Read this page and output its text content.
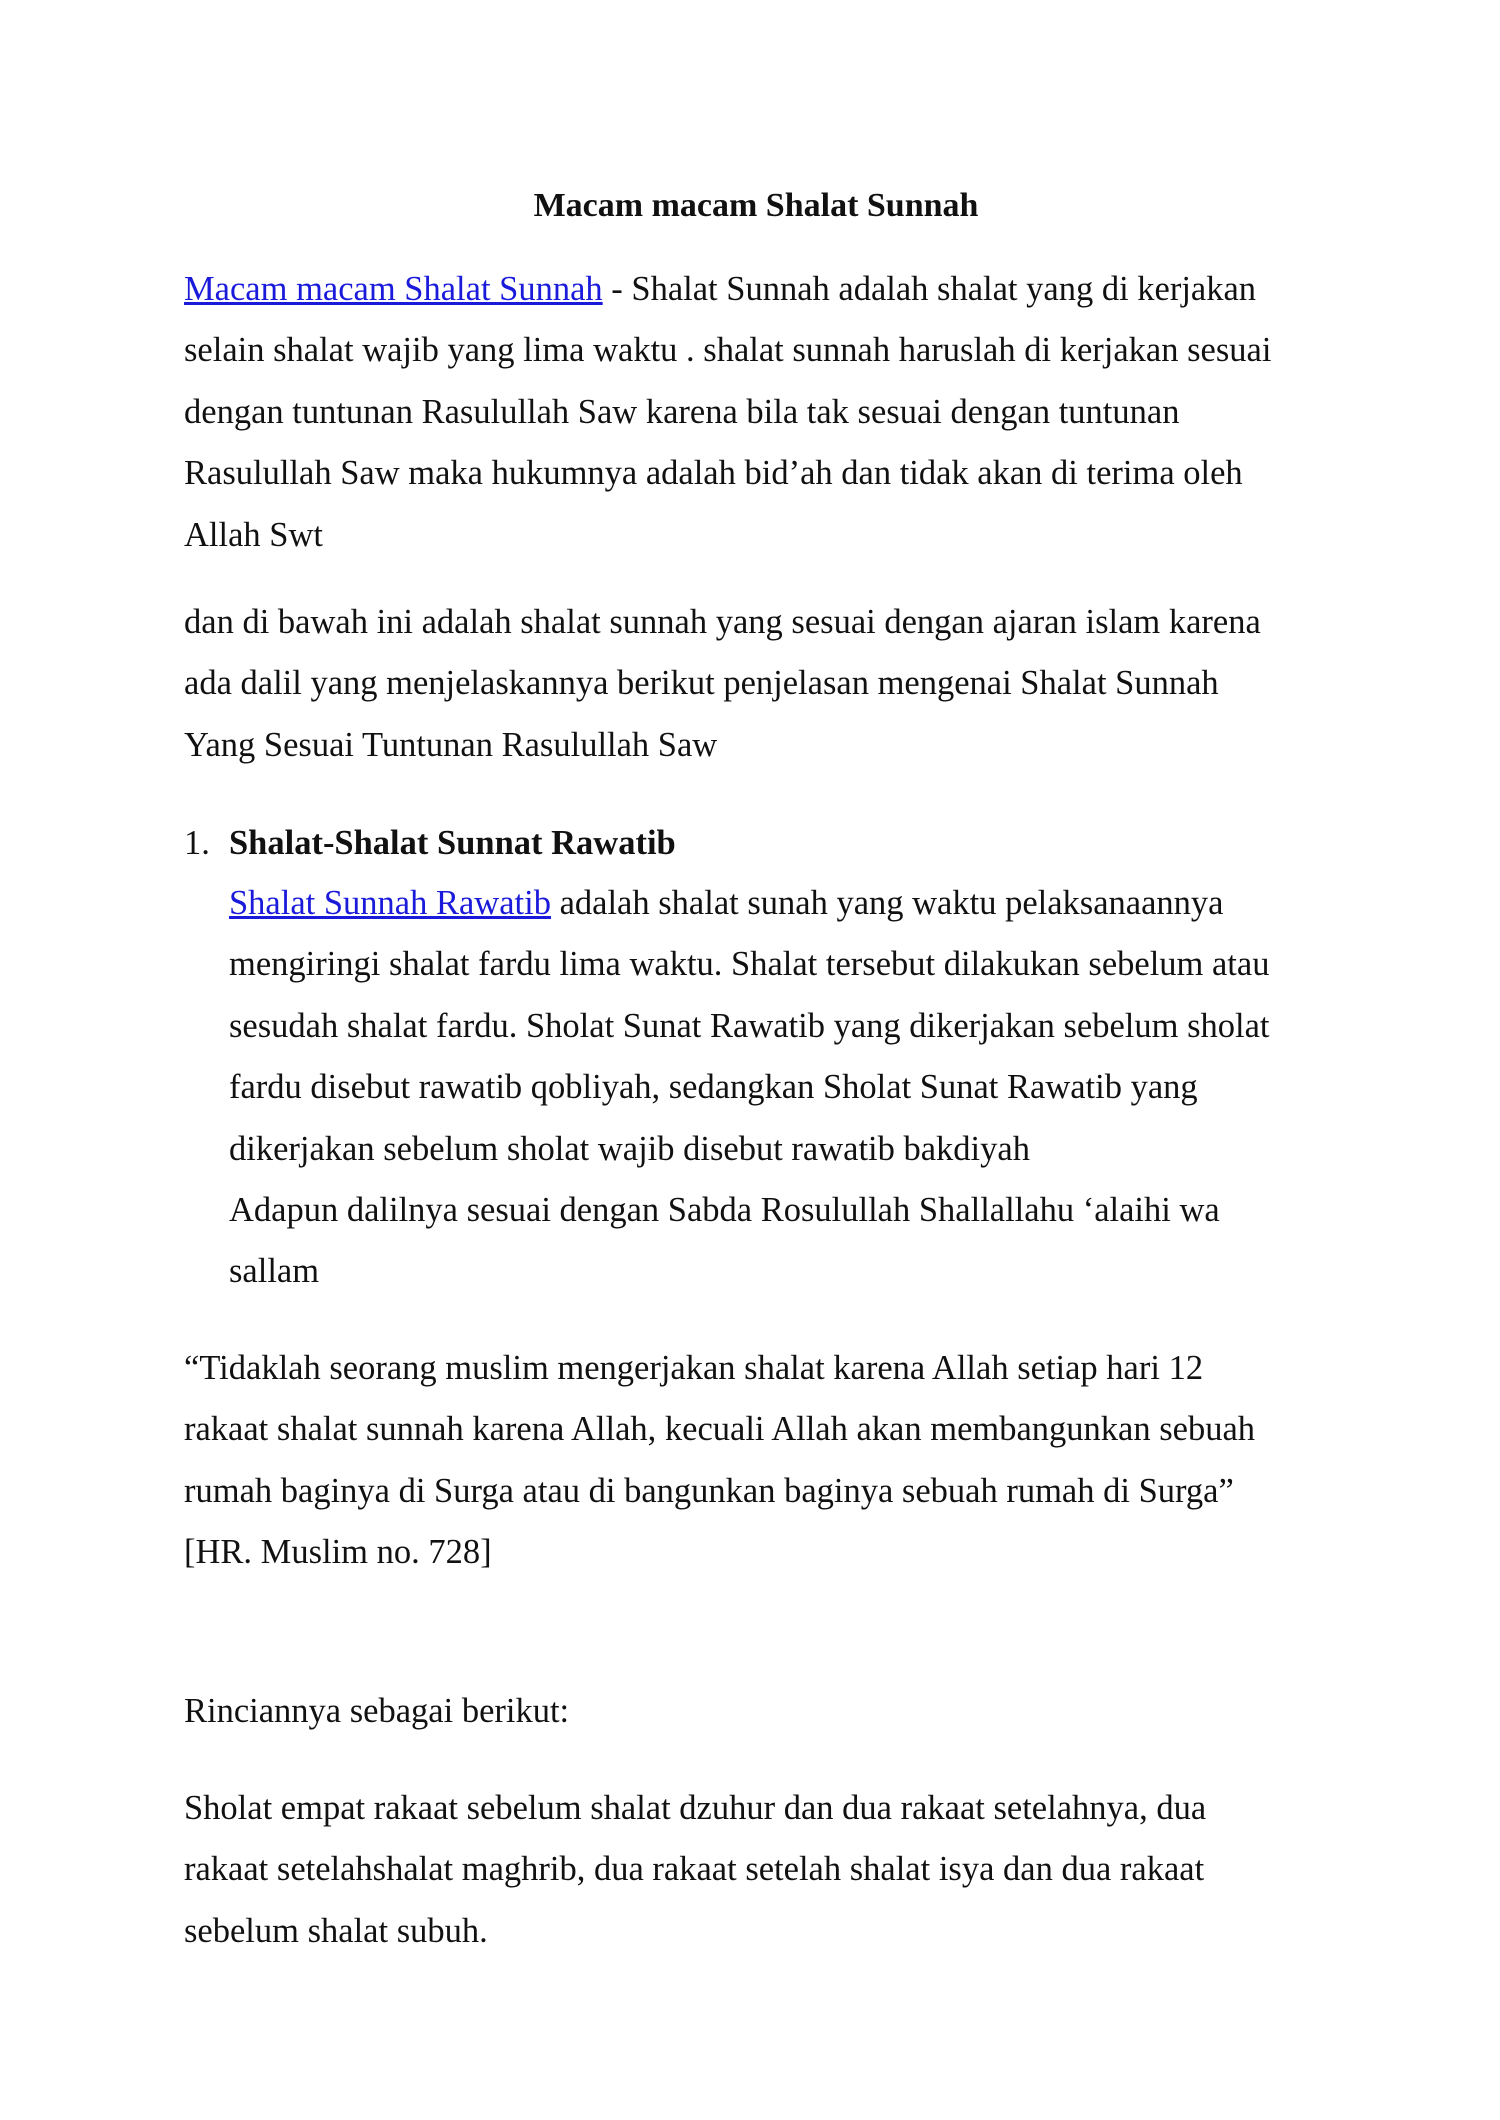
Macam macam Shalat Sunnah
Macam macam Shalat Sunnah - Shalat Sunnah adalah shalat yang di kerjakan
selain shalat wajib yang lima waktu . shalat sunnah haruslah di kerjakan sesuai
dengan tuntunan Rasulullah Saw karena bila tak sesuai dengan tuntunan
Rasulullah Saw maka hukumnya adalah bid’ah dan tidak akan di terima oleh
Allah Swt
dan di bawah ini adalah shalat sunnah yang sesuai dengan ajaran islam karena
ada dalil yang menjelaskannya berikut penjelasan mengenai Shalat Sunnah
Yang Sesuai Tuntunan Rasulullah Saw
1. Shalat-Shalat Sunnat Rawatib
Shalat Sunnah Rawatib adalah shalat sunah yang waktu pelaksanaannya
mengiringi shalat fardu lima waktu. Shalat tersebut dilakukan sebelum atau
sesudah shalat fardu. Sholat Sunat Rawatib yang dikerjakan sebelum sholat
fardu disebut rawatib qobliyah, sedangkan Sholat Sunat Rawatib yang
dikerjakan sebelum sholat wajib disebut rawatib bakdiyah
Adapun dalilnya sesuai dengan Sabda Rosulullah Shallallahu ‘alaihi wa
sallam
“Tidaklah seorang muslim mengerjakan shalat karena Allah setiap hari 12
rakaat shalat sunnah karena Allah, kecuali Allah akan membangunkan sebuah
rumah baginya di Surga atau di bangunkan baginya sebuah rumah di Surga”
[HR. Muslim no. 728]
Rinciannya sebagai berikut:
Sholat empat rakaat sebelum shalat dzuhur dan dua rakaat setelahnya, dua
rakaat setelahshalat maghrib, dua rakaat setelah shalat isya dan dua rakaat
sebelum shalat subuh.
